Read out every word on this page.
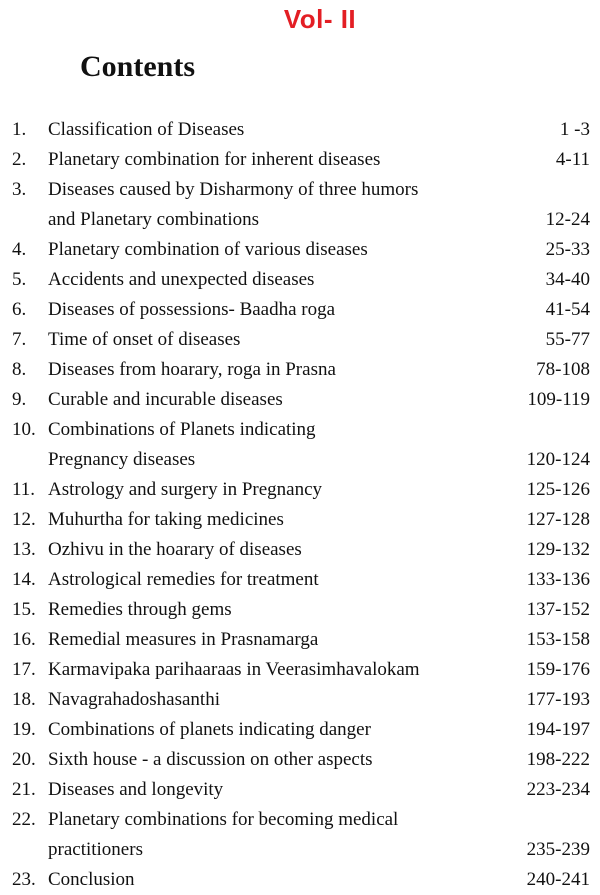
Vol- II
Contents
1. Classification of Diseases	1 -3
2. Planetary combination for inherent diseases	4-11
3. Diseases caused by Disharmony of three humors
and Planetary combinations	12-24
4. Planetary combination of various diseases	25-33
5. Accidents and unexpected diseases	34-40
6. Diseases of possessions- Baadha roga	41-54
7. Time of onset of diseases	55-77
8. Diseases from hoarary, roga in Prasna	78-108
9. Curable and incurable diseases	109-119
10. Combinations of Planets indicating
Pregnancy diseases	120-124
11. Astrology and surgery in Pregnancy	125-126
12. Muhurtha for taking medicines	127-128
13. Ozhivu in the hoarary of diseases	129-132
14. Astrological remedies for treatment	133-136
15. Remedies through gems	137-152
16. Remedial measures in Prasnamarga	153-158
17. Karmavipaka parihaaraas in Veerasimhavalokam	159-176
18. Navagrahadoshasanthi	177-193
19. Combinations of planets indicating danger	194-197
20. Sixth house - a discussion on other aspects	198-222
21. Diseases and longevity	223-234
22. Planetary combinations for becoming medical
practitioners	235-239
23. Conclusion	240-241
